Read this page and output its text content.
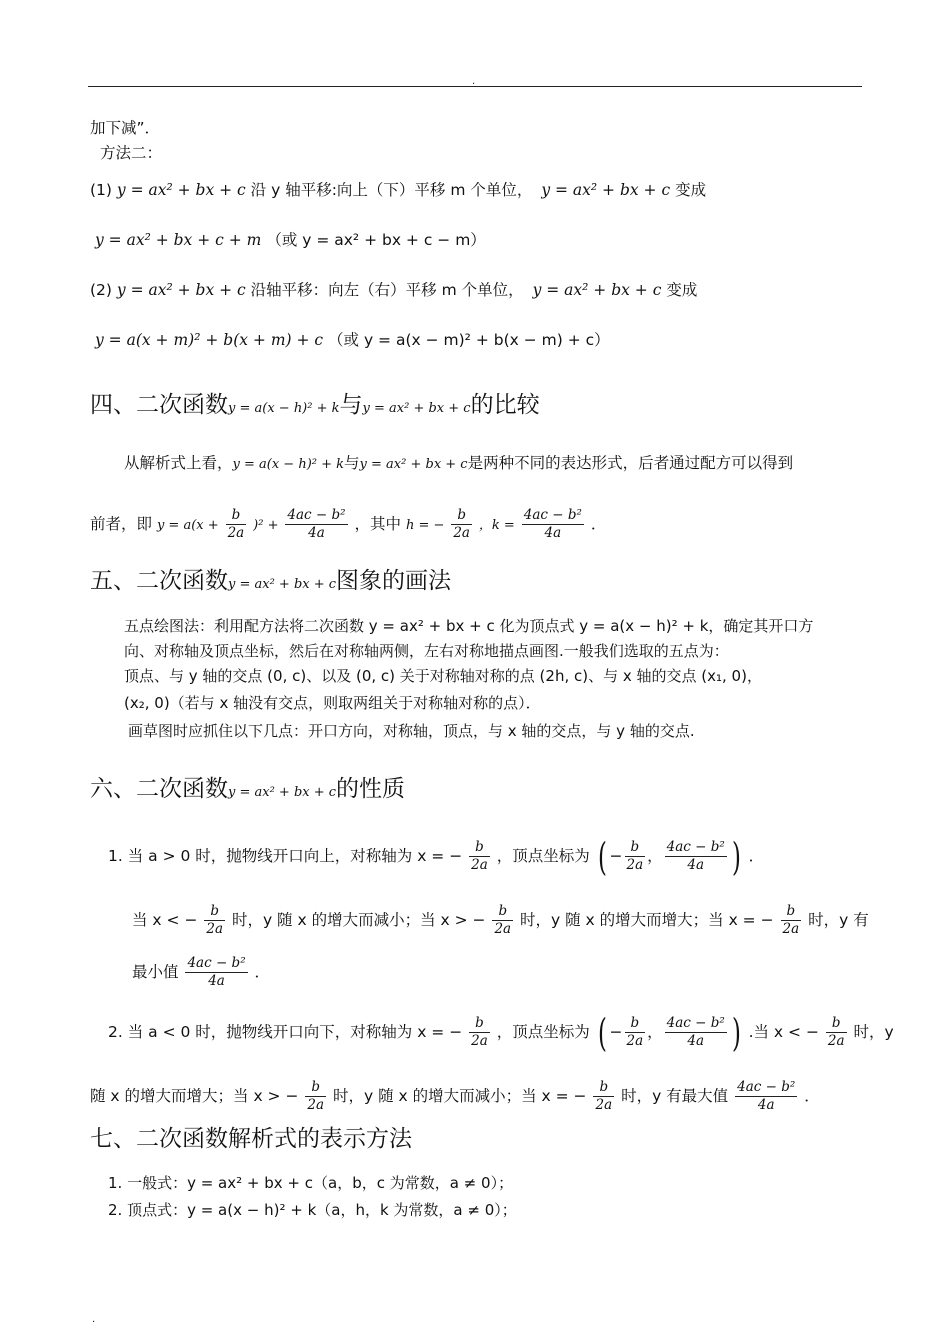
.
加下减”．
方法二：
(1) y = ax² + bx + c 沿 y 轴平移:向上（下）平移 m 个单位， y = ax² + bx + c 变成
y = ax² + bx + c + m （或 y = ax² + bx + c − m）
(2) y = ax² + bx + c 沿轴平移：向左（右）平移 m 个单位， y = ax² + bx + c 变成
y = a(x + m)² + b(x + m) + c （或 y = a(x − m)² + b(x − m) + c）
四、二次函数y = a(x − h)² + k与y = ax² + bx + c的比较
从解析式上看，y = a(x − h)² + k与y = ax² + bx + c是两种不同的表达形式，后者通过配方可以得到
前者，即 $y = a(x + \frac{b}{2a} )^2 + \frac{\text{4ac − b²}}{4a}$ ，其中 h = − $\frac{b}{2a}$ ，$k = \frac{\text{4ac − b²}}{4a}$ ．
五、二次函数y = ax² + bx + c图象的画法
五点绘图法：利用配方法将二次函数 y = ax² + bx + c 化为顶点式 y = a(x − h)² + k，确定其开口方
向、对称轴及顶点坐标，然后在对称轴两侧，左右对称地描点画图.一般我们选取的五点为：
顶点、与 y 轴的交点 (0, c)、以及 (0, c) 关于对称轴对称的点 (2h, c)、与 x 轴的交点 (x₁, 0)，
(x₂, 0)（若与 x 轴没有交点，则取两组关于对称轴对称的点）．
画草图时应抓住以下几点：开口方向，对称轴，顶点，与 x 轴的交点，与 y 轴的交点.
六、二次函数y = ax² + bx + c的性质
1. 当 a > 0 时，抛物线开口向上，对称轴为 x = − $\frac{b}{2a}$ ，顶点坐标为 ( − $\frac{b}{2a}$ ， $\frac{\text{4ac − b²}}{4a}$ ) ．
当 x < − $\frac{b}{2a}$ 时，y 随 x 的增大而减小；当 x > − $\frac{b}{2a}$ 时，y 随 x 的增大而增大；当 x = − $\frac{b}{2a}$ 时，y 有
最小值 $\frac{\text{4ac − b²}}{4a}$ ．
2. 当 a < 0 时，抛物线开口向下，对称轴为 x = − $\frac{b}{2a}$ ，顶点坐标为 ( − $\frac{b}{2a}$ ， $\frac{\text{4ac − b²}}{4a}$ ) .当 x < − $\frac{b}{2a}$ 时，y
随 x 的增大而增大；当 x > − $\frac{b}{2a}$ 时，y 随 x 的增大而减小；当 x = − $\frac{b}{2a}$ 时，y 有最大值 $\frac{\text{4ac − b²}}{4a}$ ．
七、二次函数解析式的表示方法
1. 一般式：y = ax² + bx + c（a，b，c 为常数，a ≠ 0）；
2. 顶点式：y = a(x − h)² + k（a，h，k 为常数，a ≠ 0）；
.
